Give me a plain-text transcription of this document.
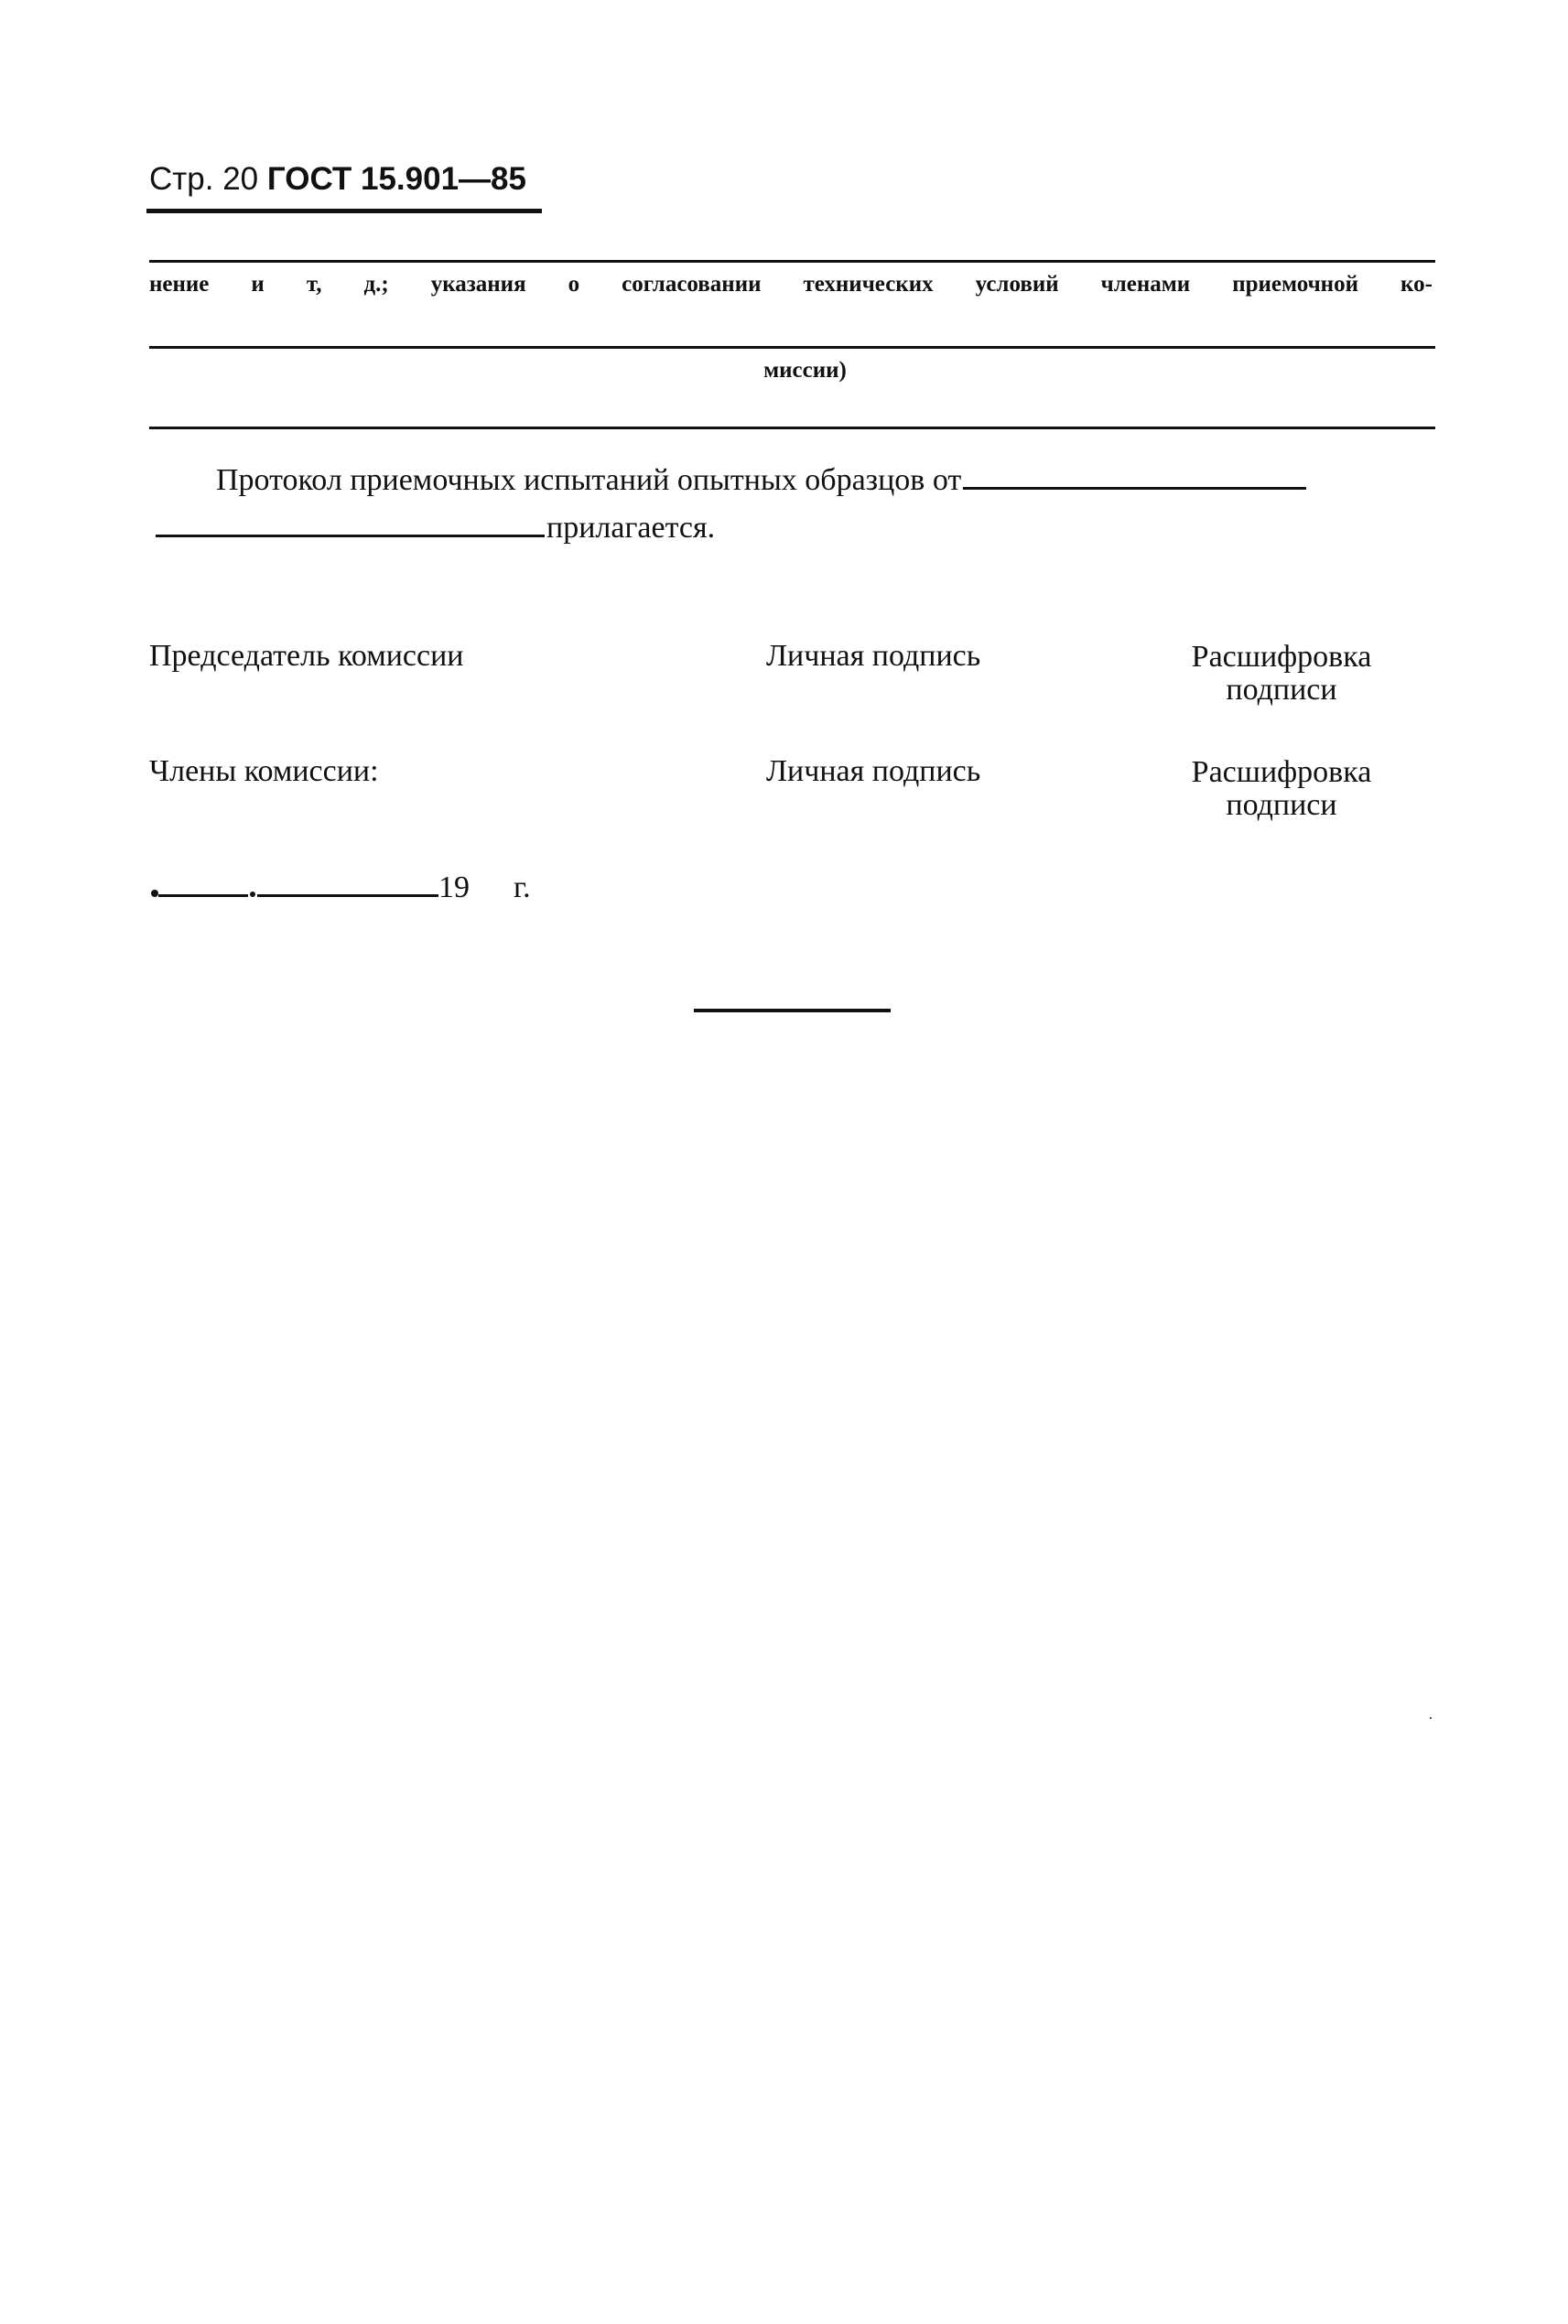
Стр. 20 ГОСТ 15.901—85
нение и т, д.; указания о согласовании технических условий членами приемочной ко-
миссии)
Протокол приемочных испытаний опытных образцов от
прилагается.
Председатель комиссии	Личная подпись	Расшифровка
подписи
Члены комиссии:	Личная подпись	Расшифровка
подписи
19 г.
